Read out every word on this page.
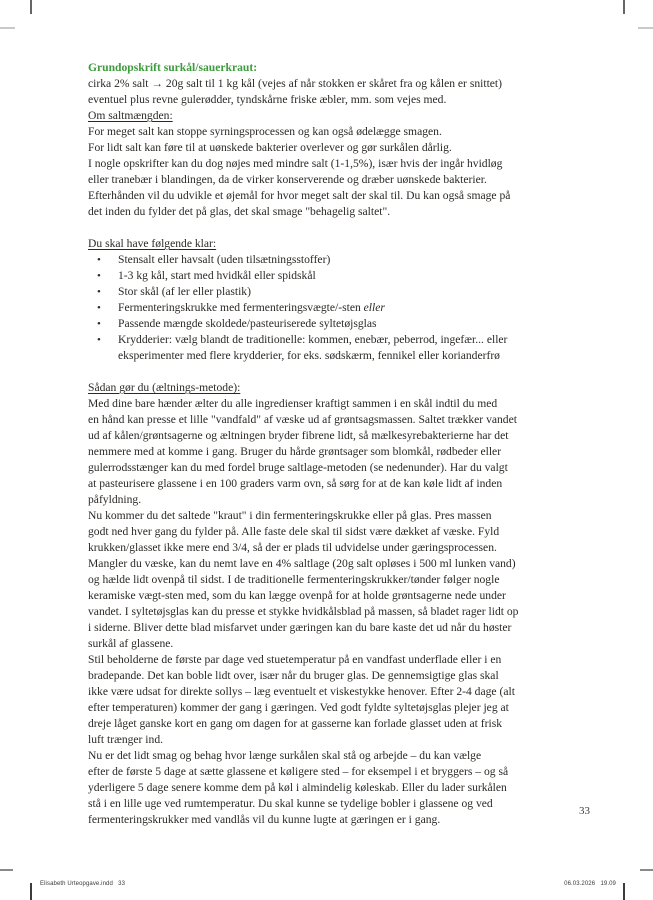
Grundopskrift surkål/sauerkraut:
cirka 2% salt → 20g salt til 1 kg kål (vejes af når stokken er skåret fra og kålen er snittet)
eventuel plus revne gulerødder, tyndskårne friske æbler, mm. som vejes med.
Om saltmængden:
For meget salt kan stoppe syrningsprocessen og kan også ødelægge smagen.
For lidt salt kan føre til at uønskede bakterier overlever og gør surkålen dårlig.
I nogle opskrifter kan du dog nøjes med mindre salt (1-1,5%), især hvis der ingår hvidløg
eller tranebær i blandingen, da de virker konserverende og dræber uønskede bakterier.
Efterhånden vil du udvikle et øjemål for hvor meget salt der skal til. Du kan også smage på
det inden du fylder det på glas, det skal smage "behagelig saltet".
Du skal have følgende klar:
•	Stensalt eller havsalt (uden tilsætningsstoffer)
•	1-3 kg kål, start med hvidkål eller spidskål
•	Stor skål (af ler eller plastik)
•	Fermenteringskrukke med fermenteringsvægte/-sten eller
•	Passende mængde skoldede/pasteuriserede syltetøjsglas
•	Krydderier: vælg blandt de traditionelle: kommen, enebær, peberrod, ingefær... eller eksperimenter med flere krydderier, for eks. sødskærm, fennikel eller korianderfrø
Sådan gør du (æltnings-metode):
Med dine bare hænder ælter du alle ingredienser kraftigt sammen i en skål indtil du med
en hånd kan presse et lille "vandfald" af væske ud af grøntsagsmassen. Saltet trækker vandet
ud af kålen/grøntsagerne og æltningen bryder fibrene lidt, så mælkesyrebakterierne har det
nemmere med at komme i gang. Bruger du hårde grøntsager som blomkål, rødbeder eller
gulerrodsstænger kan du med fordel bruge saltlage-metoden (se nedenunder). Har du valgt
at pasteurisere glassene i en 100 graders varm ovn, så sørg for at de kan køle lidt af inden
påfyldning.
Nu kommer du det saltede "kraut" i din fermenteringskrukke eller på glas. Pres massen
godt ned hver gang du fylder på. Alle faste dele skal til sidst være dækket af væske. Fyld
krukken/glasset ikke mere end 3/4, så der er plads til udvidelse under gæringsprocessen.
Mangler du væske, kan du nemt lave en 4% saltlage (20g salt opløses i 500 ml lunken vand)
og hælde lidt ovenpå til sidst. I de traditionelle fermenteringskrukker/tønder følger nogle
keramiske vægt-sten med, som du kan lægge ovenpå for at holde grøntsagerne nede under
vandet. I syltetøjsglas kan du presse et stykke hvidkålsblad på massen, så bladet rager lidt op
i siderne. Bliver dette blad misfarvet under gæringen kan du bare kaste det ud når du høster
surkål af glassene.
Stil beholderne de første par dage ved stuetemperatur på en vandfast underflade eller i en
bradepande. Det kan boble lidt over, især når du bruger glas. De gennemsigtige glas skal
ikke være udsat for direkte sollys – læg eventuelt et viskestykke henover. Efter 2-4 dage (alt
efter temperaturen) kommer der gang i gæringen. Ved godt fyldte syltetøjsglas plejer jeg at
dreje låget ganske kort en gang om dagen for at gasserne kan forlade glasset uden at frisk
luft trænger ind.
Nu er det lidt smag og behag hvor længe surkålen skal stå og arbejde – du kan vælge
efter de første 5 dage at sætte glassene et køligere sted – for eksempel i et bryggers – og så
yderligere 5 dage senere komme dem på køl i almindelig køleskab. Eller du lader surkålen
stå i en lille uge ved rumtemperatur. Du skal kunne se tydelige bobler i glassene og ved
fermenteringskrukker med vandlås vil du kunne lugte at gæringen er i gang.
33
Elisabeth Urteopgave.indd   33	06.03.2026   19.09
